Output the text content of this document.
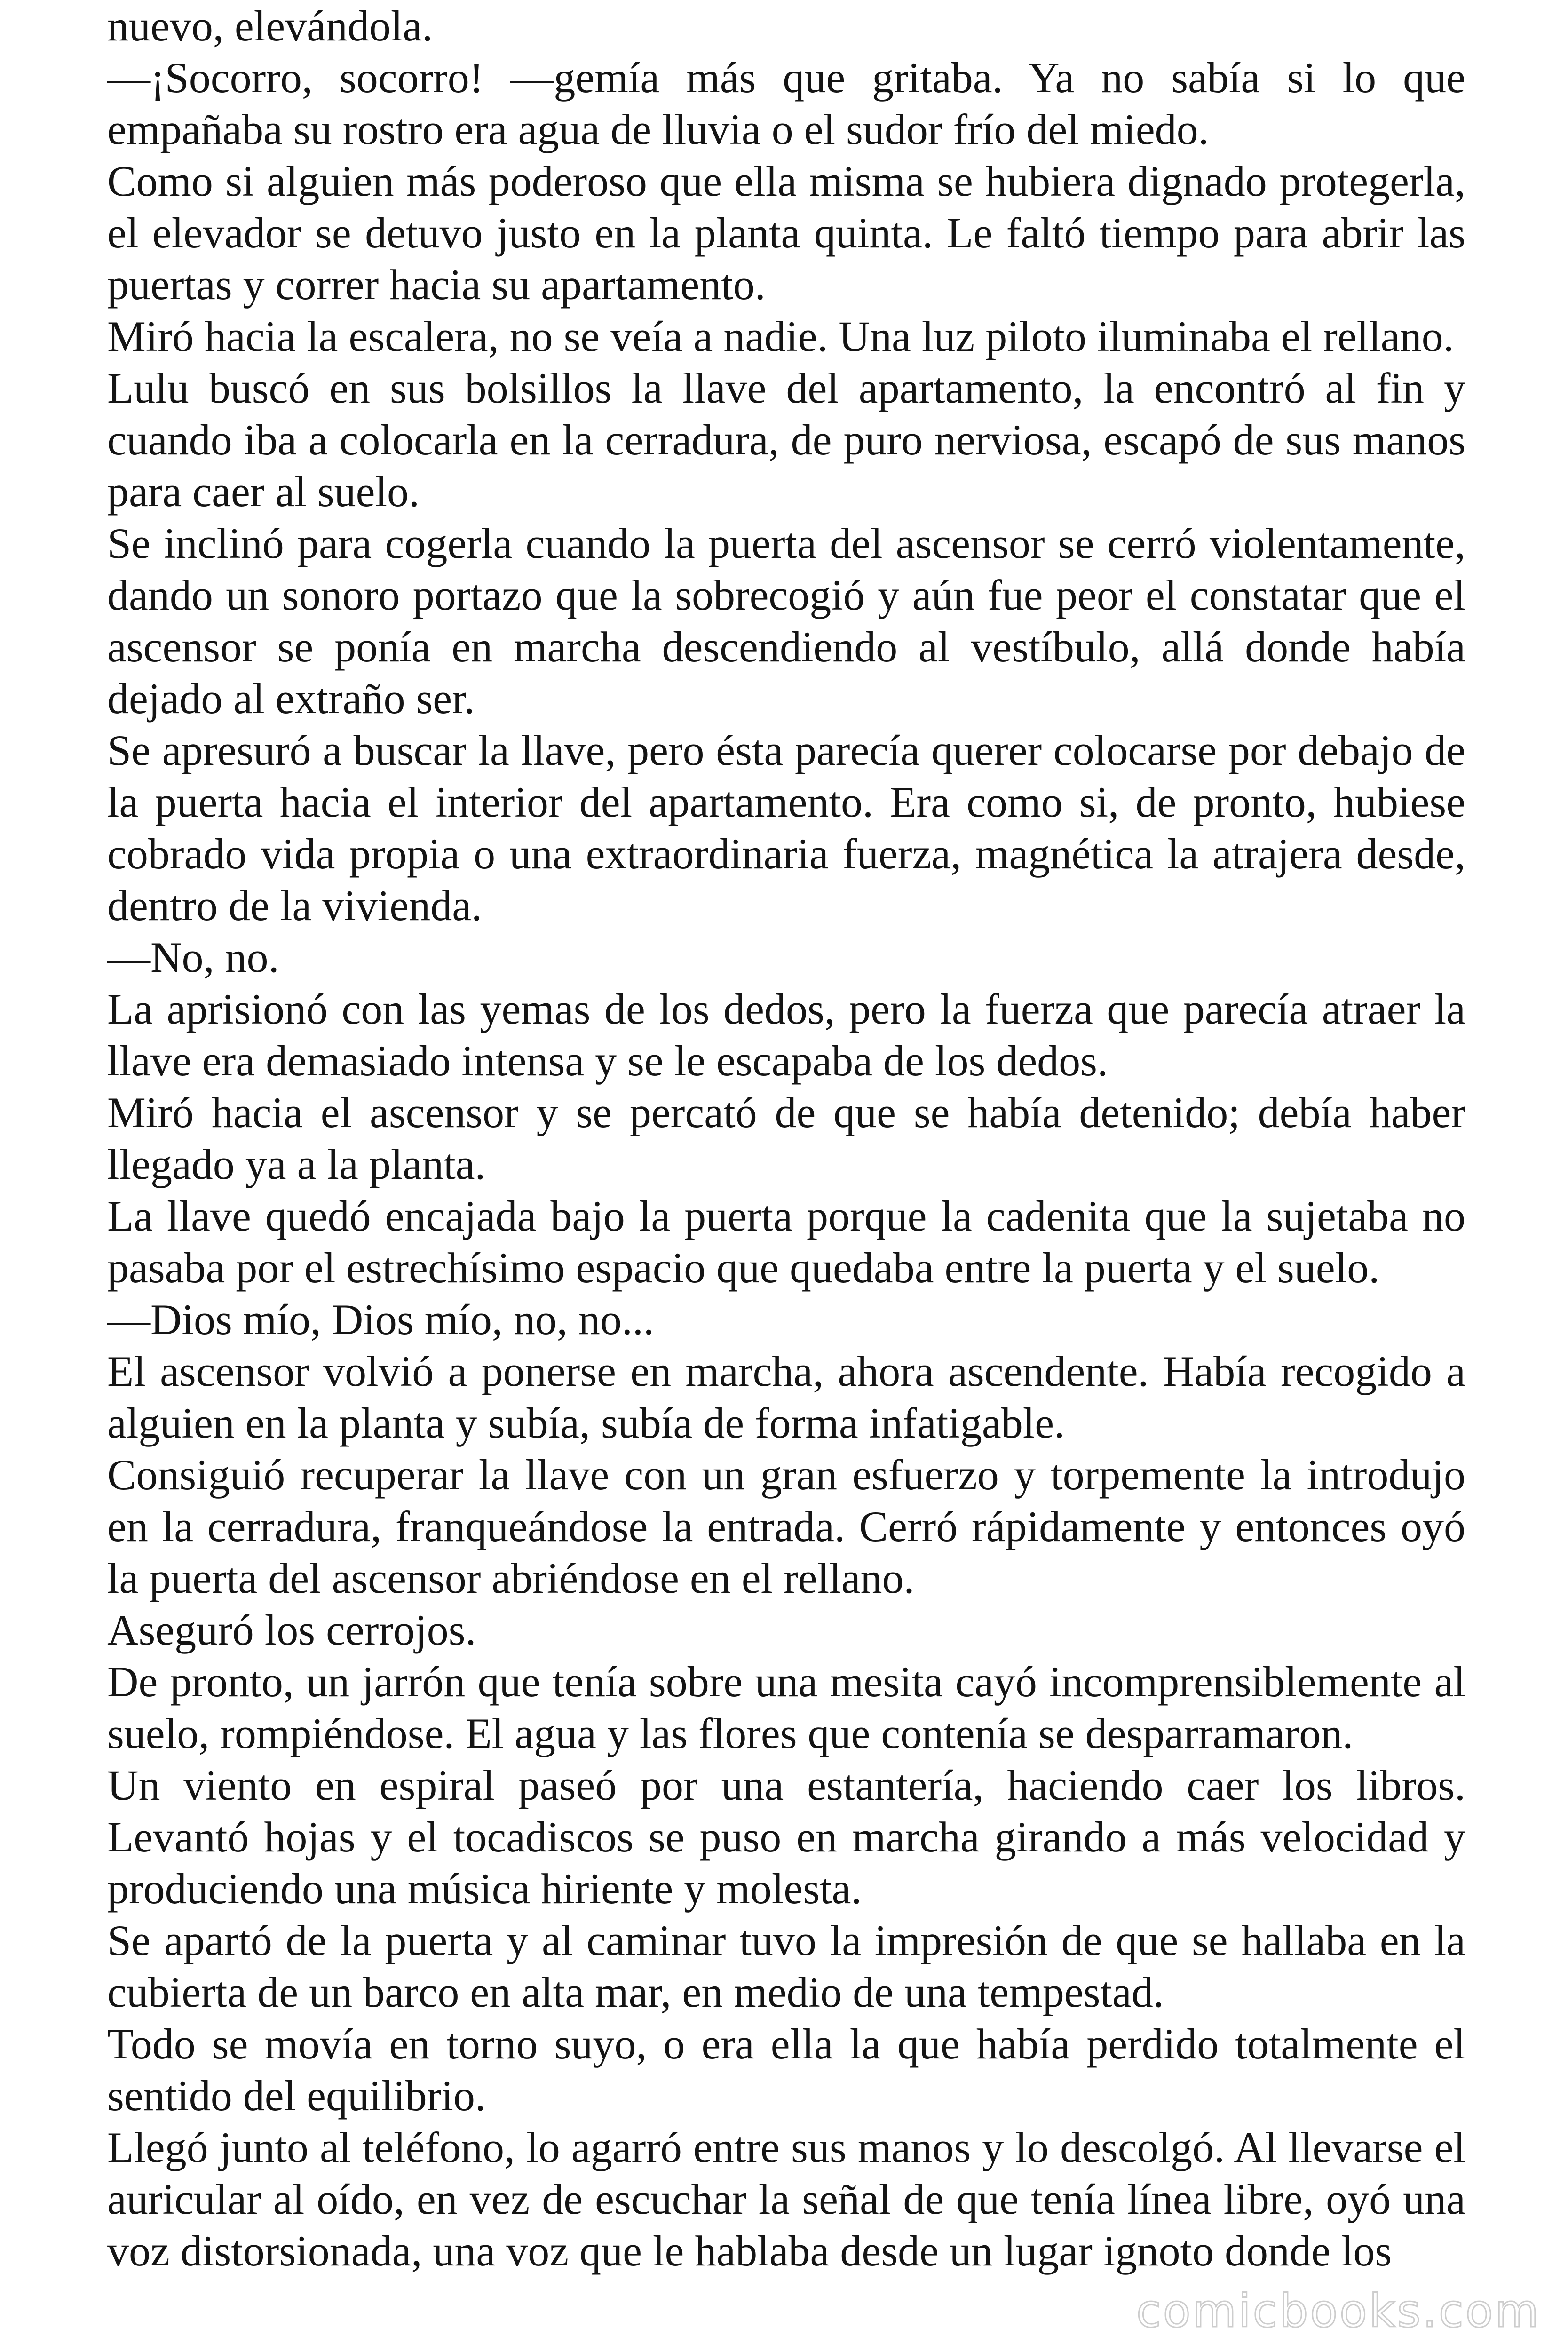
nuevo, elevándola.

—¡Socorro, socorro! —gemía más que gritaba. Ya no sabía si lo que empañaba su rostro era agua de lluvia o el sudor frío del miedo.

Como si alguien más poderoso que ella misma se hubiera dignado protegerla, el elevador se detuvo justo en la planta quinta. Le faltó tiempo para abrir las puertas y correr hacia su apartamento.

Miró hacia la escalera, no se veía a nadie. Una luz piloto iluminaba el rellano.

Lulu buscó en sus bolsillos la llave del apartamento, la encontró al fin y cuando iba a colocarla en la cerradura, de puro nerviosa, escapó de sus manos para caer al suelo.

Se inclinó para cogerla cuando la puerta del ascensor se cerró violentamente, dando un sonoro portazo que la sobrecogió y aún fue peor el constatar que el ascensor se ponía en marcha descendiendo al vestíbulo, allá donde había dejado al extraño ser.

Se apresuró a buscar la llave, pero ésta parecía querer colocarse por debajo de la puerta hacia el interior del apartamento. Era como si, de pronto, hubiese cobrado vida propia o una extraordinaria fuerza, magnética la atrajera desde, dentro de la vivienda.

—No, no.

La aprisionó con las yemas de los dedos, pero la fuerza que parecía atraer la llave era demasiado intensa y se le escapaba de los dedos.

Miró hacia el ascensor y se percató de que se había detenido; debía haber llegado ya a la planta.

La llave quedó encajada bajo la puerta porque la cadenita que la sujetaba no pasaba por el estrechísimo espacio que quedaba entre la puerta y el suelo.

—Dios mío, Dios mío, no, no...

El ascensor volvió a ponerse en marcha, ahora ascendente. Había recogido a alguien en la planta y subía, subía de forma infatigable.

Consiguió recuperar la llave con un gran esfuerzo y torpemente la introdujo en la cerradura, franqueándose la entrada. Cerró rápidamente y entonces oyó la puerta del ascensor abriéndose en el rellano.

Aseguró los cerrojos.

De pronto, un jarrón que tenía sobre una mesita cayó incomprensiblemente al suelo, rompiéndose. El agua y las flores que contenía se desparramaron.

Un viento en espiral paseó por una estantería, haciendo caer los libros. Levantó hojas y el tocadiscos se puso en marcha girando a más velocidad y produciendo una música hiriente y molesta.

Se apartó de la puerta y al caminar tuvo la impresión de que se hallaba en la cubierta de un barco en alta mar, en medio de una tempestad.

Todo se movía en torno suyo, o era ella la que había perdido totalmente el sentido del equilibrio.

Llegó junto al teléfono, lo agarró entre sus manos y lo descolgó. Al llevarse el auricular al oído, en vez de escuchar la señal de que tenía línea libre, oyó una voz distorsionada, una voz que le hablaba desde un lugar ignoto donde los

comicbooks.com
